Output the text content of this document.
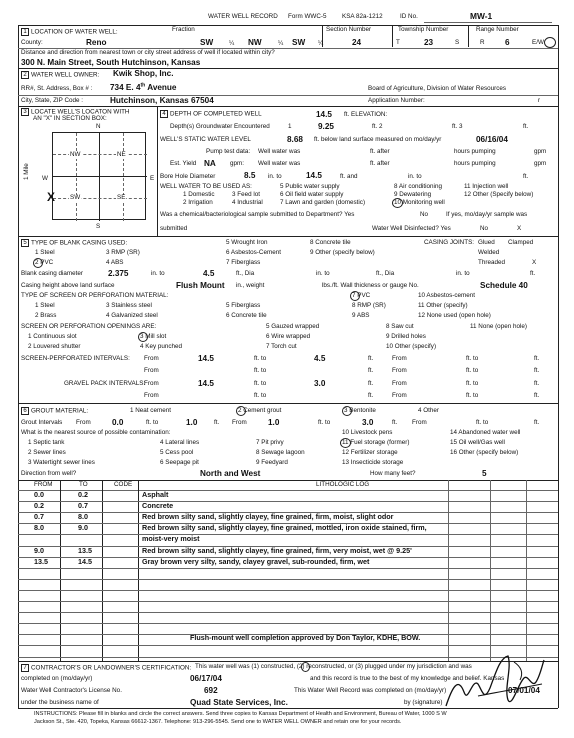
WATER WELL RECORD Form WWC-5 KSA 82a-1212	ID No.	MW-1
1 LOCATION OF WATER WELL:	Fraction	Section Number	Township Number	Range Number
County:	Reno	SW	¼ NW	¼ SW ¼	24	T	23	S	R 6	E/W
Distance and direction from nearest town or city street address of well if located within city?
300 N. Main Street, South Hutchinson, Kansas
2 WATER WELL OWNER: Kwik Shop, Inc.
RR#, St. Address, Box # : 734 E. 4th Avenue	Board of Agriculture, Division of Water Resources
City, State, ZIP Code :	Hutchinson, Kansas 67504	Application Number:	r
3 LOCATE WELL'S LOCATON WITH
AN "X" IN SECTION BOX:
N
S
W	E
1 Mile
NW	NE
SW	SE
X
4 DEPTH OF COMPLETED WELL	14.5 ft. ELEVATION:
Depth(s) Groundwater Encountered	1	9.25	ft. 2	ft. 3	ft.
WELL'S STATIC WATER LEVEL	8.68 ft. below land surface measured on mo/day/yr	06/16/04
Pump test data: Well water was	ft. after	hours pumping	gpm
Est. Yield NA gpm: Well water was	ft. after	hours pumping	gpm
Bore Hole Diameter	8.5 in. to	14.5	ft. and	in. to	ft.
WELL WATER TO BE USED AS:
1 Domestic
2 Irrigation
3 Feed lot
4 Industrial
5 Public water supply
6 Oil field water supply
7 Lawn and garden (domestic)
8 Air conditioning
9 Dewatering
10 Monitoring well
11 Injection well
12 Other (Specify below)
Was a chemical/bacteriological sample submitted to Department? Yes	No	If yes, mo/day/yr sample was
submitted	Water Well Disinfected? Yes	No	X
5 TYPE OF BLANK CASING USED:
1 Steel
2 PVC
3 RMP (SR)
4 ABS
5 Wrought Iron
6 Asbestos-Cement
7 Fiberglass
8 Concrete tile
9 Other (specify below)
CASING JOINTS: Glued Clamped
Welded
Threaded	X
Blank casing diameter	2.375	in. to	4.5	ft., Dia	in. to	ft., Dia	in. to	ft.
Casing height above land surface	Flush Mount in., weight	lbs./ft. Wall thickness or gauge No.	Schedule 40
TYPE OF SCREEN OR PERFORATION MATERIAL:
1 Steel
2 Brass
3 Stainless steel
4 Galvanized steel
5 Fiberglass
6 Concrete tile
7 PVC
8 RMP (SR)
9 ABS
10 Asbestos-cement
11 Other (specify)
12 None used (open hole)
SCREEN OR PERFORATION OPENINGS ARE:
1 Continuous slot
2 Louvered shutter
3 Mill slot
4 Key punched
5 Gauzed wrapped
6 Wire wrapped
7 Torch cut
8 Saw cut
9 Drilled holes
10 Other (specify)
11 None (open hole)
SCREEN-PERFORATED INTERVALS: From	14.5	ft. to	4.5	ft.	From	ft. to	ft.
From	ft. to	ft.	From	ft. to	ft.
GRAVEL PACK INTERVALS:
From	14.5	ft. to	3.0	ft.	From	ft. to	ft.
From	ft. to	ft.	From	ft. to	ft.
6 GROUT MATERIAL:	1 Neat cement	2 Cement grout	3 Bentonite	4 Other
Grout Intervals From	0.0	ft. to	1.0	ft. From	1.0	ft. to	3.0	ft. From	ft. to	ft.
What is the nearest source of possible contamination:
1 Septic tank
2 Sewer lines
3 Watertight sewer lines
4 Lateral lines
5 Cess pool
6 Seepage pit
7 Pit privy
8 Sewage lagoon
9 Feedyard
10 Livestock pens
11 Fuel storage (former)
12 Fertilizer storage
13 Insecticide storage
14 Abandoned water well
15 Oil well/Gas well
16 Other (specify below)
Direction from well?	North and West	How many feet?	5
FROM	TO	CODE	LITHOLOGIC LOG
0.0	0.2	Asphalt
0.2	0.7	Concrete
0.7	8.0	Red brown silty sand, slightly clayey, fine grained, firm, moist, slight odor
8.0	9.0	Red brown silty sand, slightly clayey, fine grained, mottled, iron oxide stained, firm,
moist-very moist
9.0	13.5	Red brown silty sand, slightly clayey, fine grained, firm, very moist, wet @ 9.25'
13.5	14.5	Gray brown very silty, sandy, clayey gravel, sub-rounded, firm, wet
Flush-mount well completion approved by Don Taylor, KDHE, BOW.
7 CONTRACTOR'S OR LANDOWNER'S CERTIFICATION: This water well was (1) constructed, (2) reconstructed, or (3) plugged under my jurisdiction and was
completed on (mo/day/yr)	06/17/04	and this record is true to the best of my knowledge and belief. Kansas
Water Well Contractor's License No.	692	This Water Well Record was completed on (mo/day/yr)	07/01/04
under the business name of	Quad State Services, Inc.	by (signature)
INSTRUCTIONS: Please fill in blanks and circle the correct answers. Send three copies to Kansas Department of Health and Environment, Bureau of Water, 1000 S W
Jackson St., Ste. 420, Topeka, Kansas 66612-1367. Telephone: 913-296-5545. Send one to WATER WELL OWNER and retain one for your records.
